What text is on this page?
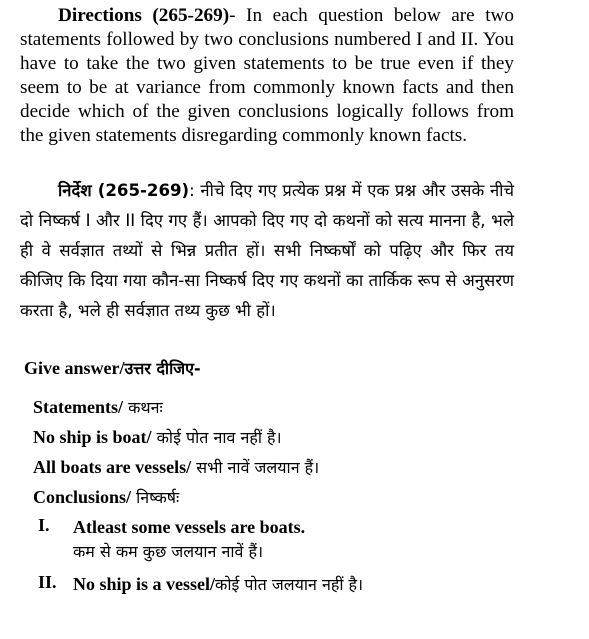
Directions (265-269)- In each question below are two statements followed by two conclusions numbered I and II. You have to take the two given statements to be true even if they seem to be at variance from commonly known facts and then decide which of the given conclusions logically follows from the given statements disregarding commonly known facts.
निर्देश (265-269): नीचे दिए गए प्रत्येक प्रश्न में एक प्रश्न और उसके नीचे दो निष्कर्ष I और II दिए गए हैं। आपको दिए गए दो कथनों को सत्य मानना है, भले ही वे सर्वज्ञात तथ्यों से भिन्न प्रतीत हों। सभी निष्कर्षों को पढ़िए और फिर तय कीजिए कि दिया गया कौन-सा निष्कर्ष दिए गए कथनों का तार्किक रूप से अनुसरण करता है, भले ही सर्वज्ञात तथ्य कुछ भी हों।
Give answer/उत्तर दीजिए-
Statements/ कथनः
No ship is boat/ कोई पोत नाव नहीं है।
All boats are vessels/ सभी नावें जलयान हैं।
Conclusions/ निष्कर्षः
I. Atleast some vessels are boats.
कम से कम कुछ जलयान नावें हैं।
II. No ship is a vessel/कोई पोत जलयान नहीं है।
